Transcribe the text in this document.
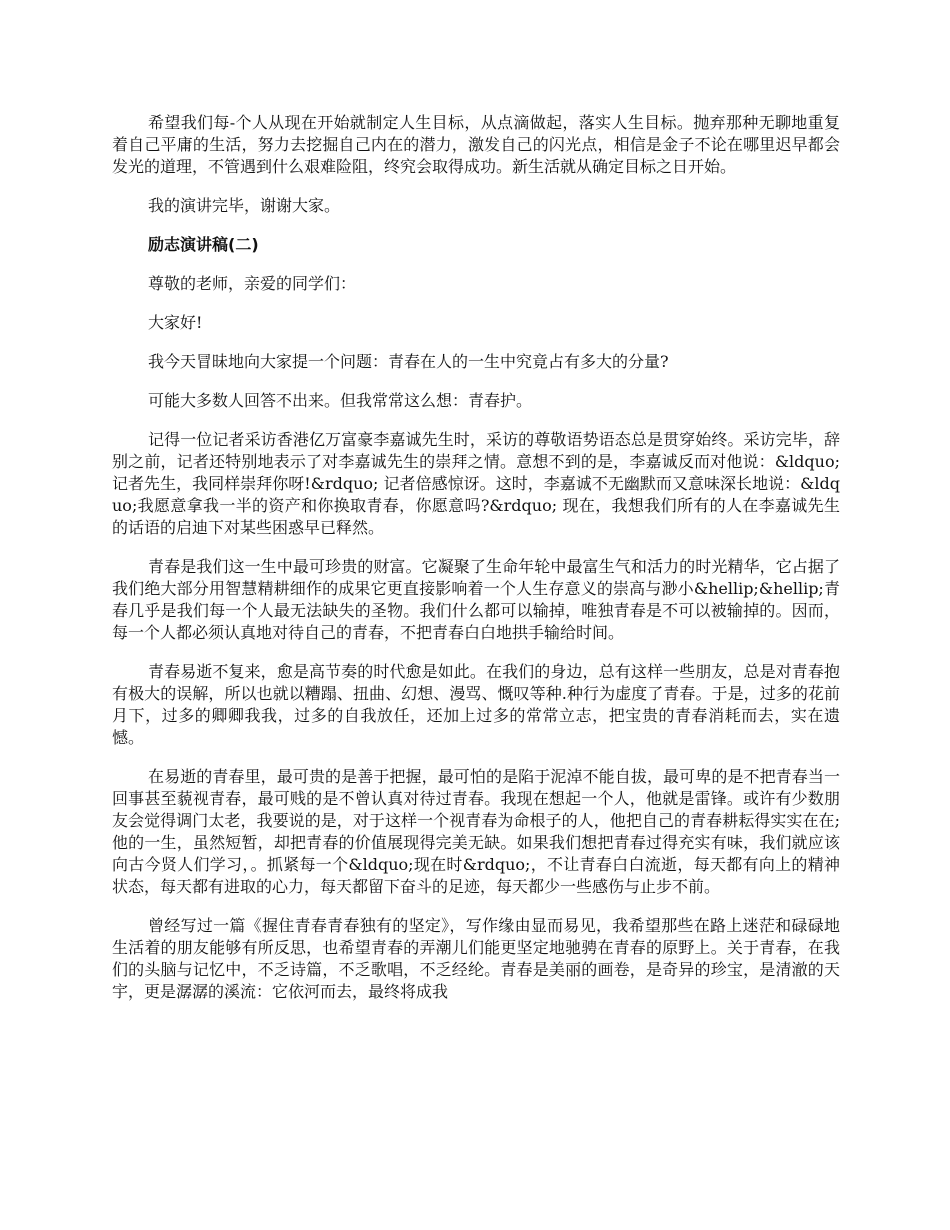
希望我们每-个人从现在开始就制定人生目标，从点滴做起，落实人生目标。抛弃那种无聊地重复着自己平庸的生活，努力去挖掘自己内在的潜力，激发自己的闪光点，相信是金子不论在哪里迟早都会发光的道理，不管遇到什么艰难险阻，终究会取得成功。新生活就从确定目标之日开始。

我的演讲完毕，谢谢大家。

励志演讲稿(二)

尊敬的老师，亲爱的同学们：

大家好!

我今天冒昧地向大家提一个问题：青春在人的一生中究竟占有多大的分量?

可能大多数人回答不出来。但我常常这么想：青春护。

记得一位记者采访香港亿万富豪李嘉诚先生时，采访的尊敬语势语态总是贯穿始终。采访完毕，辞别之前，记者还特别地表示了对李嘉诚先生的崇拜之情。意想不到的是，李嘉诚反而对他说：&ldquo;记者先生，我同样崇拜你呀!&rdquo; 记者倍感惊讶。这时，李嘉诚不无幽默而又意味深长地说：&ldquo;我愿意拿我一半的资产和你换取青春，你愿意吗?&rdquo; 现在，我想我们所有的人在李嘉诚先生的话语的启迪下对某些困惑早已释然。

青春是我们这一生中最可珍贵的财富。它凝聚了生命年轮中最富生气和活力的时光精华，它占据了我们绝大部分用智慧精耕细作的成果它更直接影响着一个人生存意义的崇高与渺小&hellip;&hellip;青春几乎是我们每一个人最无法缺失的圣物。我们什么都可以输掉，唯独青春是不可以被输掉的。因而，每一个人都必须认真地对待自己的青春，不把青春白白地拱手输给时间。

青春易逝不复来，愈是高节奏的时代愈是如此。在我们的身边，总有这样一些朋友，总是对青春抱有极大的误解，所以也就以糟蹋、扭曲、幻想、漫骂、慨叹等种.种行为虚度了青春。于是，过多的花前月下，过多的卿卿我我，过多的自我放任，还加上过多的常常立志，把宝贵的青春消耗而去，实在遗憾。

在易逝的青春里，最可贵的是善于把握，最可怕的是陷于泥淖不能自拔，最可卑的是不把青春当一回事甚至藐视青春，最可贱的是不曾认真对待过青春。我现在想起一个人，他就是雷锋。或许有少数朋友会觉得调门太老，我要说的是，对于这样一个视青春为命根子的人，他把自己的青春耕耘得实实在在;他的一生，虽然短暂，却把青春的价值展现得完美无缺。如果我们想把青春过得充实有味，我们就应该向古今贤人们学习，。抓紧每一个&ldquo;现在时&rdquo;，不让青春白白流逝，每天都有向上的精神状态，每天都有进取的心力，每天都留下奋斗的足迹，每天都少一些感伤与止步不前。

曾经写过一篇《握住青春青春独有的坚定》，写作缘由显而易见，我希望那些在路上迷茫和碌碌地生活着的朋友能够有所反思，也希望青春的弄潮儿们能更坚定地驰骋在青春的原野上。关于青春，在我们的头脑与记忆中，不乏诗篇，不乏歌唱，不乏经纶。青春是美丽的画卷，是奇异的珍宝，是清澈的天宇，更是潺潺的溪流：它依河而去，最终将成我
